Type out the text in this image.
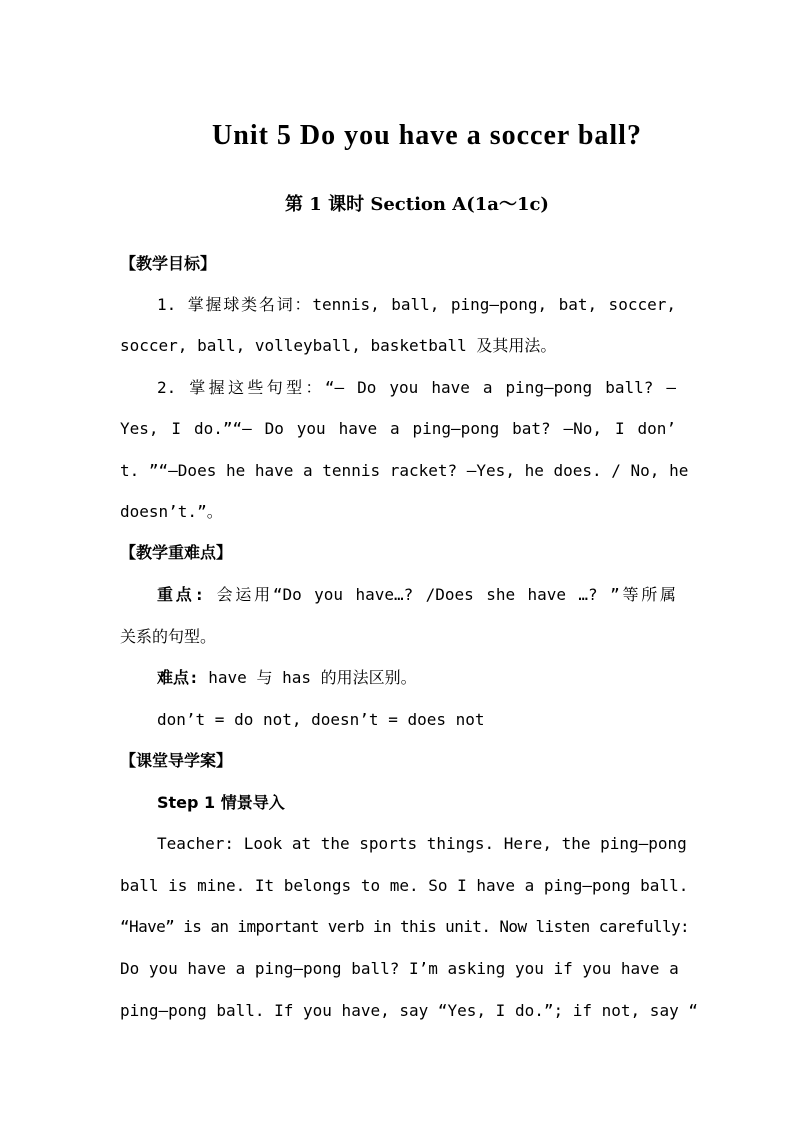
Unit 5 Do you have a soccer ball?
第 1 课时 Section A(1a～1c)
【教学目标】
1. 掌握球类名词：tennis, ball, ping—pong, bat, soccer,
soccer, ball, volleyball, basketball 及其用法。
2. 掌握这些句型：“— Do you have a ping—pong ball? —
Yes, I do.”“— Do you have a ping—pong bat? —No, I don’
t. ”“—Does he have a tennis racket? —Yes, he does. / No, he
doesn’t.”。
【教学重难点】
重点: 会运用“Do you have…? /Does she have …? ”等所属
关系的句型。
难点: have 与 has 的用法区别。
don’t = do not, doesn’t = does not
【课堂导学案】
Step 1 情景导入
Teacher: Look at the sports things. Here, the ping—pong
ball is mine. It belongs to me. So I have a ping—pong ball.
“Have” is an important verb in this unit. Now listen carefully:
Do you have a ping—pong ball? I’m asking you if you have a
ping—pong ball. If you have, say “Yes, I do.”; if not, say “
